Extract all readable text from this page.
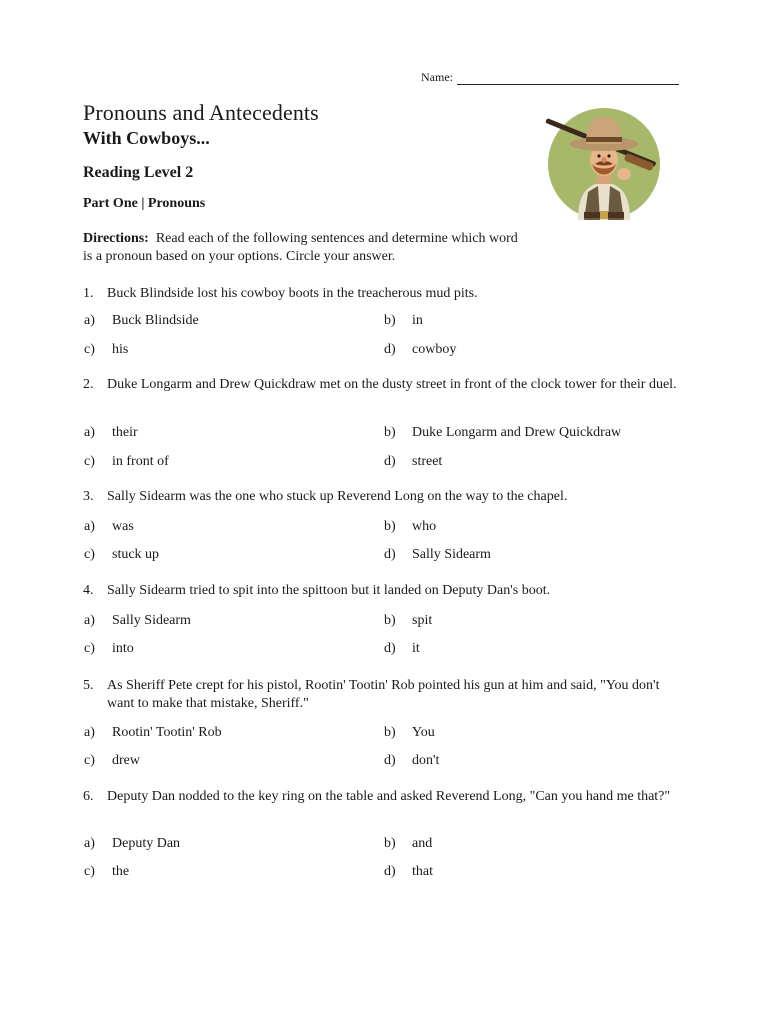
Name:
Pronouns and Antecedents
With Cowboys...
Reading Level 2
Part One | Pronouns

Directions: Read each of the following sentences and determine which word is a pronoun based on your options. Circle your answer.

1. Buck Blindside lost his cowboy boots in the treacherous mud pits.
a) Buck Blindside	b) in
c) his	d) cowboy
2. Duke Longarm and Drew Quickdraw met on the dusty street in front of the clock tower for their duel.
a) their	b) Duke Longarm and Drew Quickdraw
c) in front of	d) street
3. Sally Sidearm was the one who stuck up Reverend Long on the way to the chapel.
a) was	b) who
c) stuck up	d) Sally Sidearm
4. Sally Sidearm tried to spit into the spittoon but it landed on Deputy Dan's boot.
a) Sally Sidearm	b) spit
c) into	d) it
5. As Sheriff Pete crept for his pistol, Rootin' Tootin' Rob pointed his gun at him and said, "You don't want to make that mistake, Sheriff."
a) Rootin' Tootin' Rob	b) You
c) drew	d) don't
6. Deputy Dan nodded to the key ring on the table and asked Reverend Long, "Can you hand me that?"
a) Deputy Dan	b) and
c) the	d) that
